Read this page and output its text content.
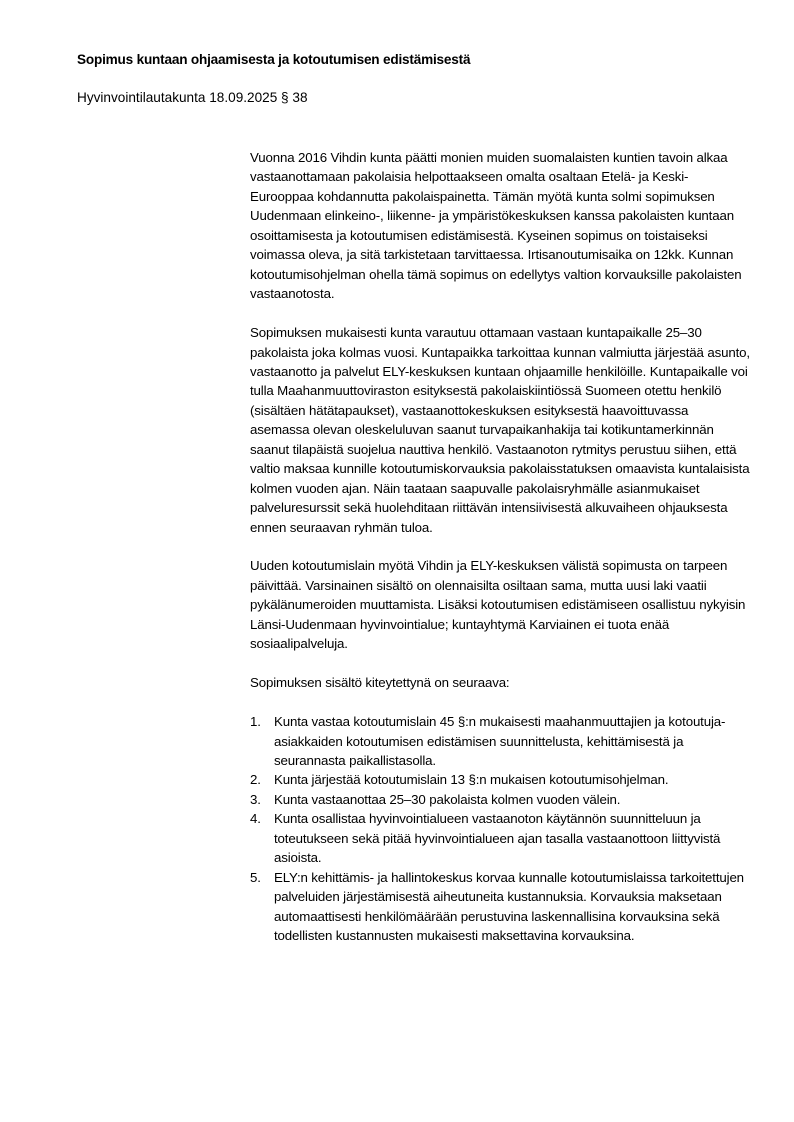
Sopimus kuntaan ohjaamisesta ja kotoutumisen edistämisestä
Hyvinvointilautakunta 18.09.2025 § 38

Vuonna 2016 Vihdin kunta päätti monien muiden suomalaisten kuntien tavoin alkaa vastaanottamaan pakolaisia helpottaakseen omalta osaltaan Etelä- ja Keski-Eurooppaa kohdannutta pakolaispainetta. Tämän myötä kunta solmi sopimuksen Uudenmaan elinkeino-, liikenne- ja ympäristökeskuksen kanssa pakolaisten kuntaan osoittamisesta ja kotoutumisen edistämisestä. Kyseinen sopimus on toistaiseksi voimassa oleva, ja sitä tarkistetaan tarvittaessa. Irtisanoutumisaika on 12kk. Kunnan kotoutumisohjelman ohella tämä sopimus on edellytys valtion korvauksille pakolaisten vastaanotosta.

Sopimuksen mukaisesti kunta varautuu ottamaan vastaan kuntapaikalle 25–30 pakolaista joka kolmas vuosi. Kuntapaikka tarkoittaa kunnan valmiutta järjestää asunto, vastaanotto ja palvelut ELY-keskuksen kuntaan ohjaamille henkilöille. Kuntapaikalle voi tulla Maahanmuuttoviraston esityksestä pakolaiskiintiössä Suomeen otettu henkilö (sisältäen hätätapaukset), vastaanottokeskuksen esityksestä haavoittuvassa asemassa olevan oleskeluluvan saanut turvapaikanhakija tai kotikuntamerkinnän saanut tilapäistä suojelua nauttiva henkilö. Vastaanoton rytmitys perustuu siihen, että valtio maksaa kunnille kotoutumiskorvauksia pakolaisstatuksen omaavista kuntalaisista kolmen vuoden ajan. Näin taataan saapuvalle pakolaisryhmälle asianmukaiset palveluresurssit sekä huolehditaan riittävän intensiivisestä alkuvaiheen ohjauksesta ennen seuraavan ryhmän tuloa.

Uuden kotoutumislain myötä Vihdin ja ELY-keskuksen välistä sopimusta on tarpeen päivittää. Varsinainen sisältö on olennaisilta osiltaan sama, mutta uusi laki vaatii pykälänumeroiden muuttamista. Lisäksi kotoutumisen edistämiseen osallistuu nykyisin Länsi-Uudenmaan hyvinvointialue; kuntayhtymä Karviainen ei tuota enää sosiaalipalveluja.

Sopimuksen sisältö kiteytettynä on seuraava:

1. Kunta vastaa kotoutumislain 45 §:n mukaisesti maahanmuuttajien ja kotoutuja-asiakkaiden kotoutumisen edistämisen suunnittelusta, kehittämisestä ja seurannasta paikallistasolla.
2. Kunta järjestää kotoutumislain 13 §:n mukaisen kotoutumisohjelman.
3. Kunta vastaanottaa 25–30 pakolaista kolmen vuoden välein.
4. Kunta osallistaa hyvinvointialueen vastaanoton käytännön suunnitteluun ja toteutukseen sekä pitää hyvinvointialueen ajan tasalla vastaanottoon liittyvistä asioista.
5. ELY:n kehittämis- ja hallintokeskus korvaa kunnalle kotoutumislaissa tarkoitettujen palveluiden järjestämisestä aiheutuneita kustannuksia. Korvauksia maksetaan automaattisesti henkilömäärään perustuvina laskennallisina korvauksina sekä todellisten kustannusten mukaisesti maksettavina korvauksina.
